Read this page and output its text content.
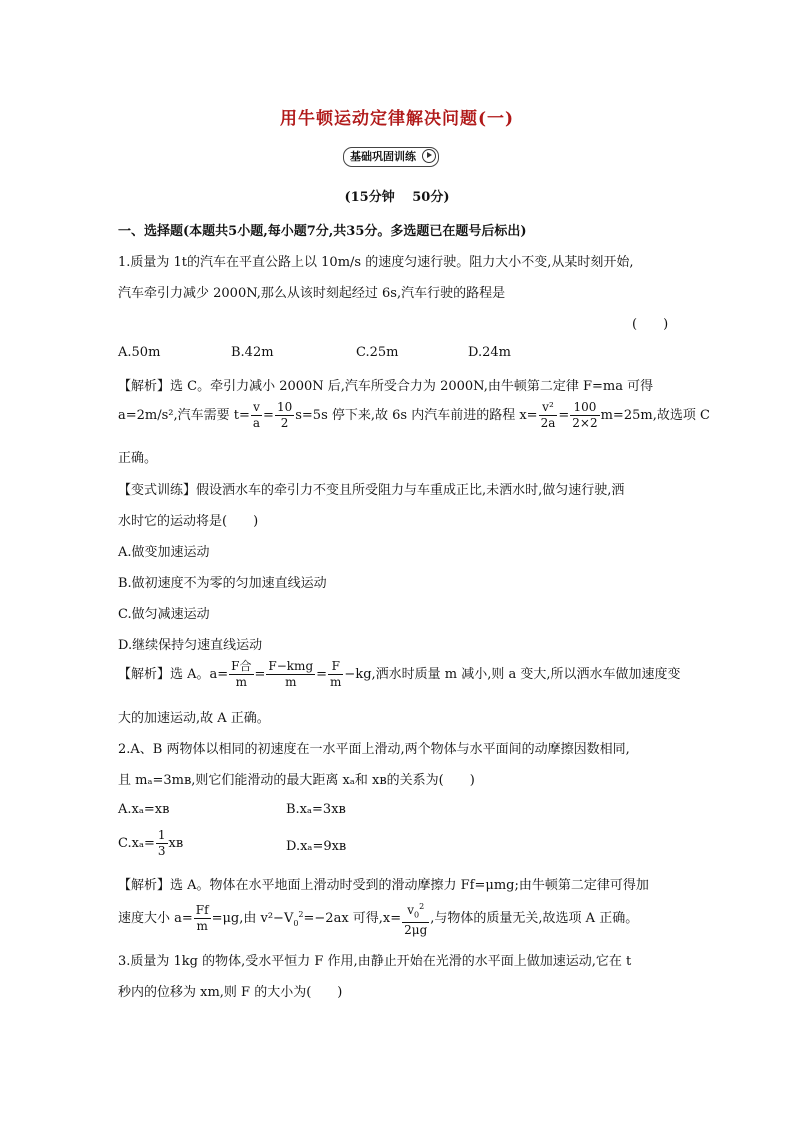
用牛顿运动定律解决问题(一)
基础巩固训练
(15分钟　 50分)
一、选择题(本题共5小题,每小题7分,共35分。多选题已在题号后标出)
1.质量为 1t的汽车在平直公路上以 10m/s 的速度匀速行驶。阻力大小不变,从某时刻开始,
汽车牵引力减少 2000N,那么从该时刻起经过 6s,汽车行驶的路程是
(　　)
A.50m	B.42m	C.25m	D.24m
【解析】选 C。牵引力减小 2000N 后,汽车所受合力为 2000N,由牛顿第二定律 F=ma 可得
a=2m/s²,汽车需要 $t= \frac{v}{a} = \frac{10}{2} s=5s$ 停下来,故 6s 内汽车前进的路程 $x= \frac{\text{v²}}{2a} = \frac{100}{2\times 2} m=25m$,故选项 C
正确。
【变式训练】假设洒水车的牵引力不变且所受阻力与车重成正比,未洒水时,做匀速行驶,洒
水时它的运动将是(　　)
A.做变加速运动
B.做初速度不为零的匀加速直线运动
C.做匀减速运动
D.继续保持匀速直线运动
【解析】选 A。$a= \frac{\text{F合}}{m} = \frac{\text{F−kmg}}{m} = \frac{F}{m} -kg$,洒水时质量 m 减小,则 a 变大,所以洒水车做加速度变
大的加速运动,故 A 正确。
2.A、B 两物体以相同的初速度在一水平面上滑动,两个物体与水平面间的动摩擦因数相同,
且 mₐ=3mʙ,则它们能滑动的最大距离 xₐ和 xʙ的关系为(　　)
A.xₐ=xʙ	B.xₐ=3xʙ
$C.x_a= \frac{1}{3}$ xʙ	D.xₐ=9xʙ
【解析】选 A。物体在水平地面上滑动时受到的滑动摩擦力 Ff=μmg;由牛顿第二定律可得加
速度大小 $a= \frac{Ff}{m} =\mu g$,由 $v^2-V_0^2=-2ax$ 可得$,x= \frac{v_0^2}{2\mu g}$ ,与物体的质量无关,故选项 A 正确。
3.质量为 1kg 的物体,受水平恒力 F 作用,由静止开始在光滑的水平面上做加速运动,它在 t
秒内的位移为 xm,则 F 的大小为(　　)
